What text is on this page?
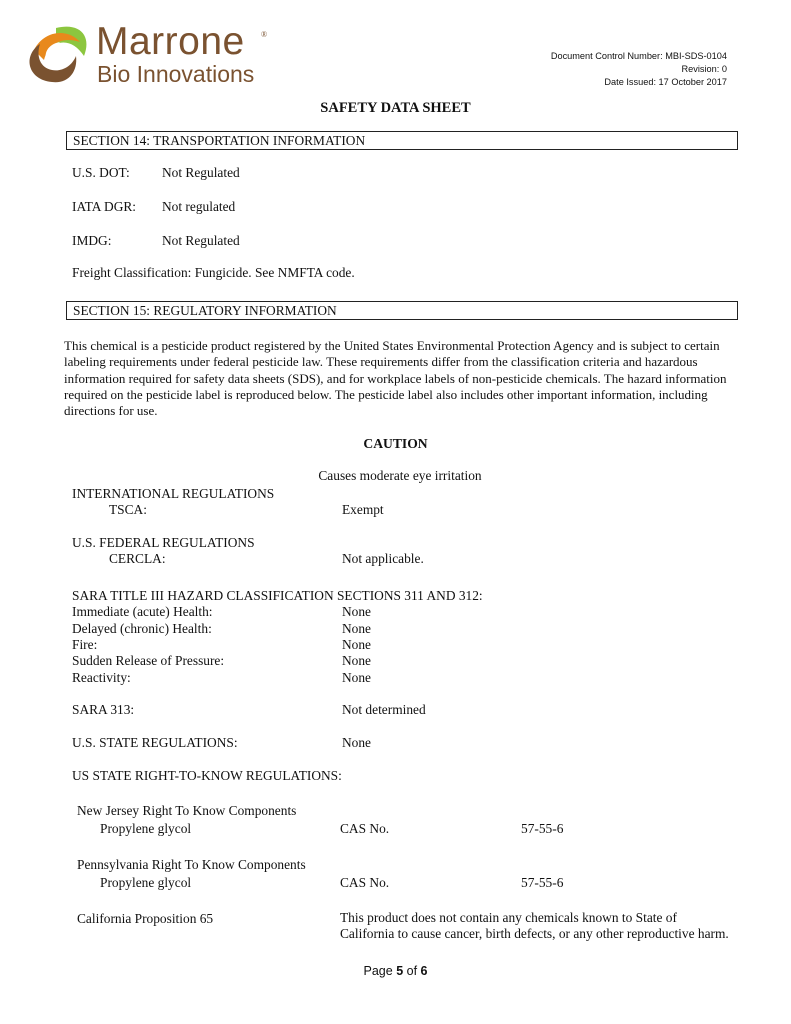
Marrone
Bio Innovations
®
Document Control Number: MBI-SDS-0104
Revision: 0
Date Issued: 17 October 2017
SAFETY DATA SHEET
SECTION 14: TRANSPORTATION INFORMATION
U.S. DOT: Not Regulated
IATA DGR: Not regulated
IMDG:	Not Regulated
Freight Classification: Fungicide. See NMFTA code.
SECTION 15: REGULATORY INFORMATION
This chemical is a pesticide product registered by the United States Environmental Protection Agency and is subject to certain labeling requirements under federal pesticide law. These requirements differ from the classification criteria and hazardous information required for safety data sheets (SDS), and for workplace labels of non-pesticide chemicals. The hazard information required on the pesticide label is reproduced below. The pesticide label also includes other important information, including directions for use.
CAUTION
Causes moderate eye irritation
INTERNATIONAL REGULATIONS
TSCA:	Exempt
U.S. FEDERAL REGULATIONS
CERCLA:	Not applicable.
SARA TITLE III HAZARD CLASSIFICATION SECTIONS 311 AND 312:
Immediate (acute) Health:	None
Delayed (chronic) Health:	None
Fire:	None
Sudden Release of Pressure:	None
Reactivity:	None
SARA 313:	Not determined
U.S. STATE REGULATIONS:	None
US STATE RIGHT-TO-KNOW REGULATIONS:
New Jersey Right To Know Components
Propylene glycol	CAS No.	57-55-6
Pennsylvania Right To Know Components
Propylene glycol	CAS No.	57-55-6
California Proposition 65	This product does not contain any chemicals known to State of California to cause cancer, birth defects, or any other reproductive harm.
Page 5 of 6
